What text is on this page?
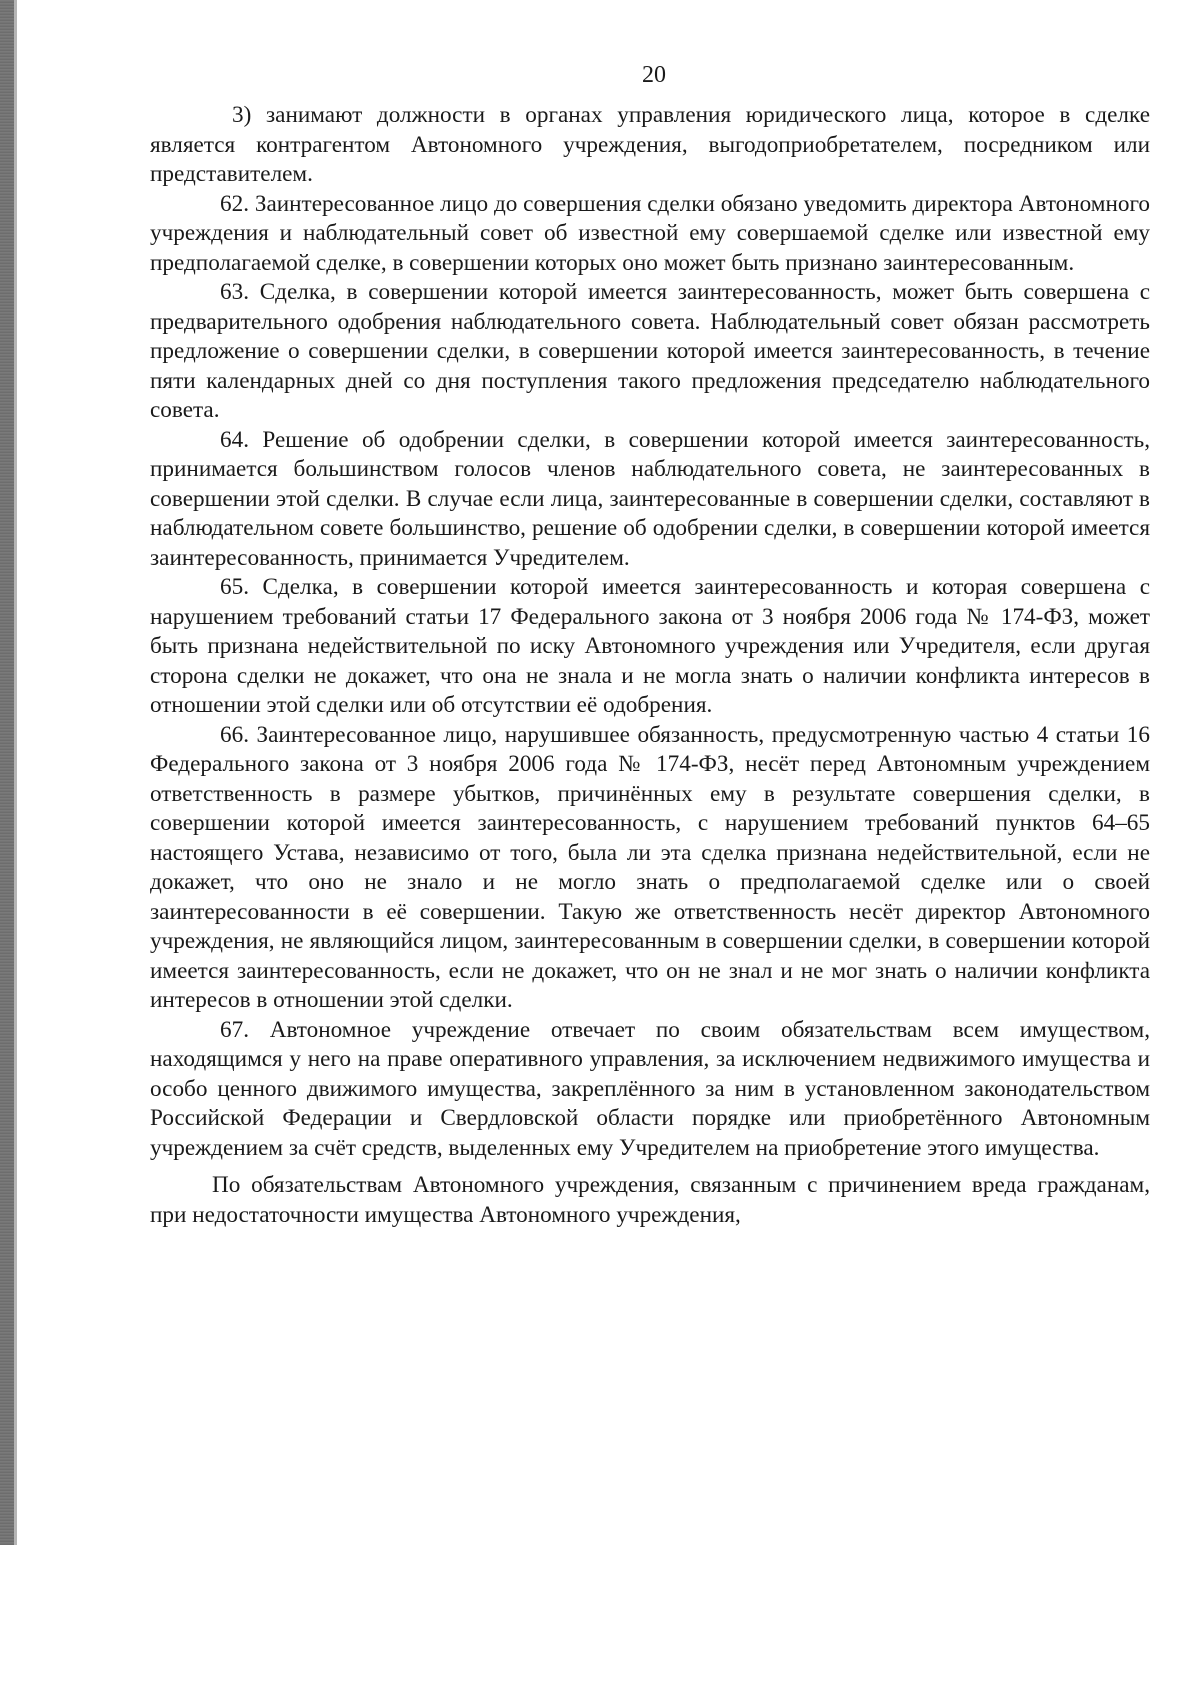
20

3) занимают должности в органах управления юридического лица, которое в сделке является контрагентом Автономного учреждения, выгодоприобретателем, посредником или представителем.

62. Заинтересованное лицо до совершения сделки обязано уведомить директора Автономного учреждения и наблюдательный совет об известной ему совершаемой сделке или известной ему предполагаемой сделке, в совершении которых оно может быть признано заинтересованным.

63. Сделка, в совершении которой имеется заинтересованность, может быть совершена с предварительного одобрения наблюдательного совета. Наблюдательный совет обязан рассмотреть предложение о совершении сделки, в совершении которой имеется заинтересованность, в течение пяти календарных дней со дня поступления такого предложения председателю наблюдательного совета.

64. Решение об одобрении сделки, в совершении которой имеется заинтересованность, принимается большинством голосов членов наблюдательного совета, не заинтересованных в совершении этой сделки. В случае если лица, заинтересованные в совершении сделки, составляют в наблюдательном совете большинство, решение об одобрении сделки, в совершении которой имеется заинтересованность, принимается Учредителем.

65. Сделка, в совершении которой имеется заинтересованность и которая совершена с нарушением требований статьи 17 Федерального закона от 3 ноября 2006 года № 174-ФЗ, может быть признана недействительной по иску Автономного учреждения или Учредителя, если другая сторона сделки не докажет, что она не знала и не могла знать о наличии конфликта интересов в отношении этой сделки или об отсутствии её одобрения.

66. Заинтересованное лицо, нарушившее обязанность, предусмотренную частью 4 статьи 16 Федерального закона от 3 ноября 2006 года № 174-ФЗ, несёт перед Автономным учреждением ответственность в размере убытков, причинённых ему в результате совершения сделки, в совершении которой имеется заинтересованность, с нарушением требований пунктов 64–65 настоящего Устава, независимо от того, была ли эта сделка признана недействительной, если не докажет, что оно не знало и не могло знать о предполагаемой сделке или о своей заинтересованности в её совершении. Такую же ответственность несёт директор Автономного учреждения, не являющийся лицом, заинтересованным в совершении сделки, в совершении которой имеется заинтересованность, если не докажет, что он не знал и не мог знать о наличии конфликта интересов в отношении этой сделки.

67. Автономное учреждение отвечает по своим обязательствам всем имуществом, находящимся у него на праве оперативного управления, за исключением недвижимого имущества и особо ценного движимого имущества, закреплённого за ним в установленном законодательством Российской Федерации и Свердловской области порядке или приобретённого Автономным учреждением за счёт средств, выделенных ему Учредителем на приобретение этого имущества.

По обязательствам Автономного учреждения, связанным с причинением вреда гражданам, при недостаточности имущества Автономного учреждения,
